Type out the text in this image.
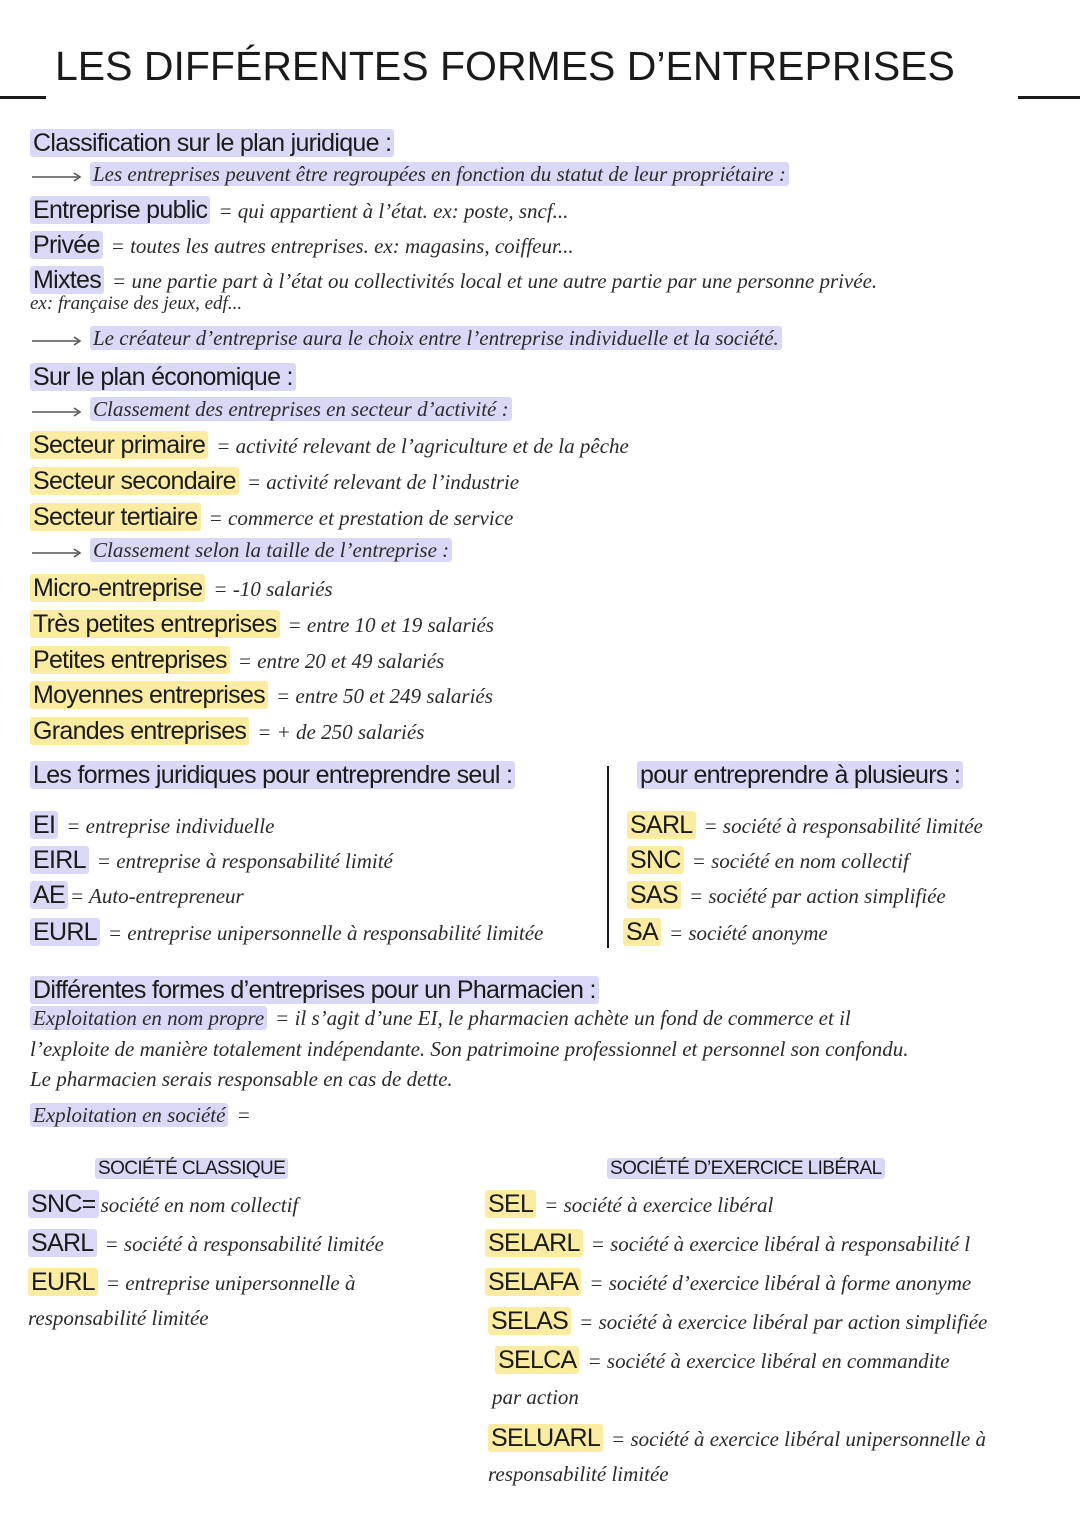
LES DIFFÉRENTES FORMES D’ENTREPRISES
Classification sur le plan juridique :
Les entreprises peuvent être regroupées en fonction du statut de leur propriétaire :
Entreprise public = qui appartient à l’état. ex: poste, sncf...
Privée = toutes les autres entreprises. ex: magasins, coiffeur...
Mixtes = une partie part à l’état ou collectivités local et une autre partie par une personne privée.
ex: française des jeux, edf...
Le créateur d’entreprise aura le choix entre l’entreprise individuelle et la société.
Sur le plan économique :
Classement des entreprises en secteur d’activité :
Secteur primaire = activité relevant de l’agriculture et de la pêche
Secteur secondaire = activité relevant de l’industrie
Secteur tertiaire = commerce et prestation de service
Classement selon la taille de l’entreprise :
Micro-entreprise = -10 salariés
Très petites entreprises = entre 10 et 19 salariés
Petites entreprises = entre 20 et 49 salariés
Moyennes entreprises = entre 50 et 249 salariés
Grandes entreprises = + de 250 salariés
Les formes juridiques pour entreprendre seul :	pour entreprendre à plusieurs :
EI = entreprise individuelle
EIRL = entreprise à responsabilité limité
AE = Auto-entrepreneur
EURL = entreprise unipersonnelle à responsabilité limitée
SARL = société à responsabilité limitée
SNC = société en nom collectif
SAS = société par action simplifiée
SA = société anonyme
Différentes formes d’entreprises pour un Pharmacien :
Exploitation en nom propre = il s’agit d’une EI, le pharmacien achète un fond de commerce et il
l’exploite de manière totalement indépendante. Son patrimoine professionnel et personnel son confondu.
Le pharmacien serais responsable en cas de dette.
Exploitation en société =
SOCIÉTÉ CLASSIQUE
SNC= société en nom collectif
SARL = société à responsabilité limitée
EURL = entreprise unipersonnelle à
responsabilité limitée
SOCIÉTÉ D’EXERCICE LIBÉRAL
SEL = société à exercice libéral
SELARL = société à exercice libéral à responsabilité l
SELAFA = société d’exercice libéral à forme anonyme
SELAS = société à exercice libéral par action simplifiée
SELCA = société à exercice libéral en commandite
par action
SELUARL = société à exercice libéral unipersonnelle à
responsabilité limitée
